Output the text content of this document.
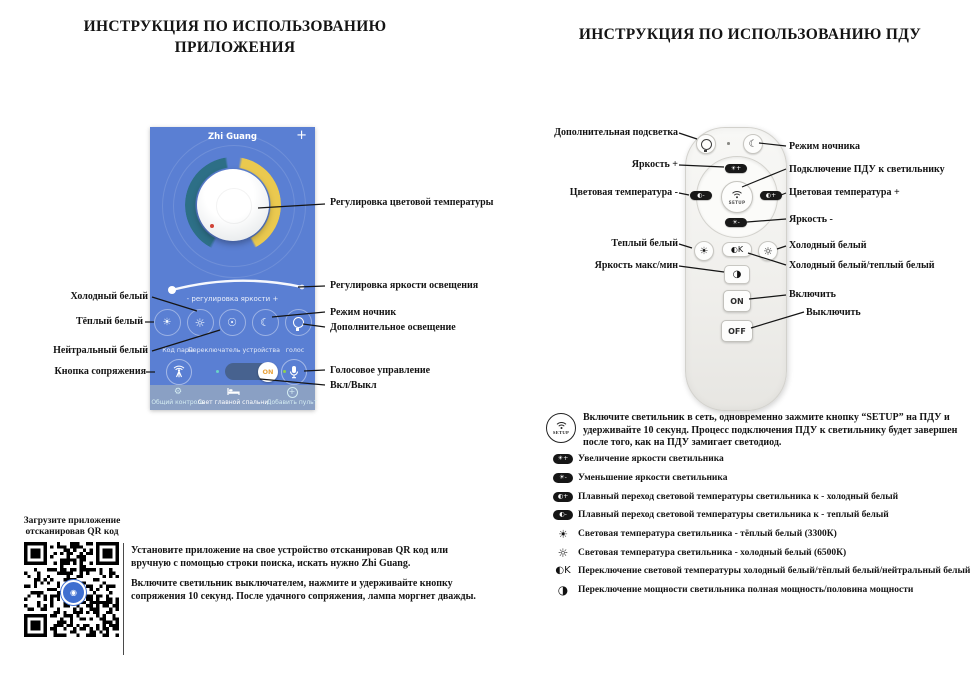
ИНСТРУКЦИЯ ПО ИСПОЛЬЗОВАНИЮ
ПРИЛОЖЕНИЯ
ИНСТРУКЦИЯ ПО ИСПОЛЬЗОВАНИЮ ПДУ
Zhi Guang	+
- регулировка яркости +
☀ ☼ ☉ ☾
Код пары
Переключатель устройства голос
ON
⚙
Общий контроль
Свет главной спальни
+
Добавить пульт
Холодный белый
Тёплый белый
Нейтральный белый
Кнопка сопряжения
Регулировка цветовой температуры
Регулировка яркости освещения
Режим ночник
Дополнительное освещение
Голосовое управление
Вкл/Выкл
☾
☀+
◐-
SETUP
◐+
☀-
☀	◐K ☼
◑
ON
OFF
Дополнительная подсветка
Яркость +
Цветовая температура -
Теплый белый
Яркость макс/мин
Режим ночника
Подключение ПДУ к светильнику
Цветовая температура +
Яркость -
Холодный белый
Холодный белый/теплый белый
Включить
Выключить
SETUP
Включите светильник в сеть, одновременно зажмите кнопку “SETUP” на ПДУ и удерживайте 10 секунд. Процесс подключения ПДУ к светильнику будет завершен после того, как на ПДУ замигает светодиод.
☀+ Увеличение яркости светильника
☀- Уменьшение яркости светильника
◐+ Плавный переход световой температуры светильника к - холодный белый
◐- Плавный переход световой температуры светильника к - теплый белый
☀ Световая температура светильника - тёплый белый (3300К)
☼ Световая температура светильника - холодный белый (6500К)
◐K Переключение световой температуры холодный белый/тёплый белый/нейтральный белый
◑ Переключение мощности светильника полная мощность/половина мощности
Загрузите приложение
отсканировав QR код
◉
Установите приложение на свое устройство отсканировав QR код или вручную с помощью строки поиска, искать нужно Zhi Guang.
Включите светильник выключателем, нажмите и удерживайте кнопку сопряжения 10 секунд. После удачного сопряжения, лампа моргнет дважды.
